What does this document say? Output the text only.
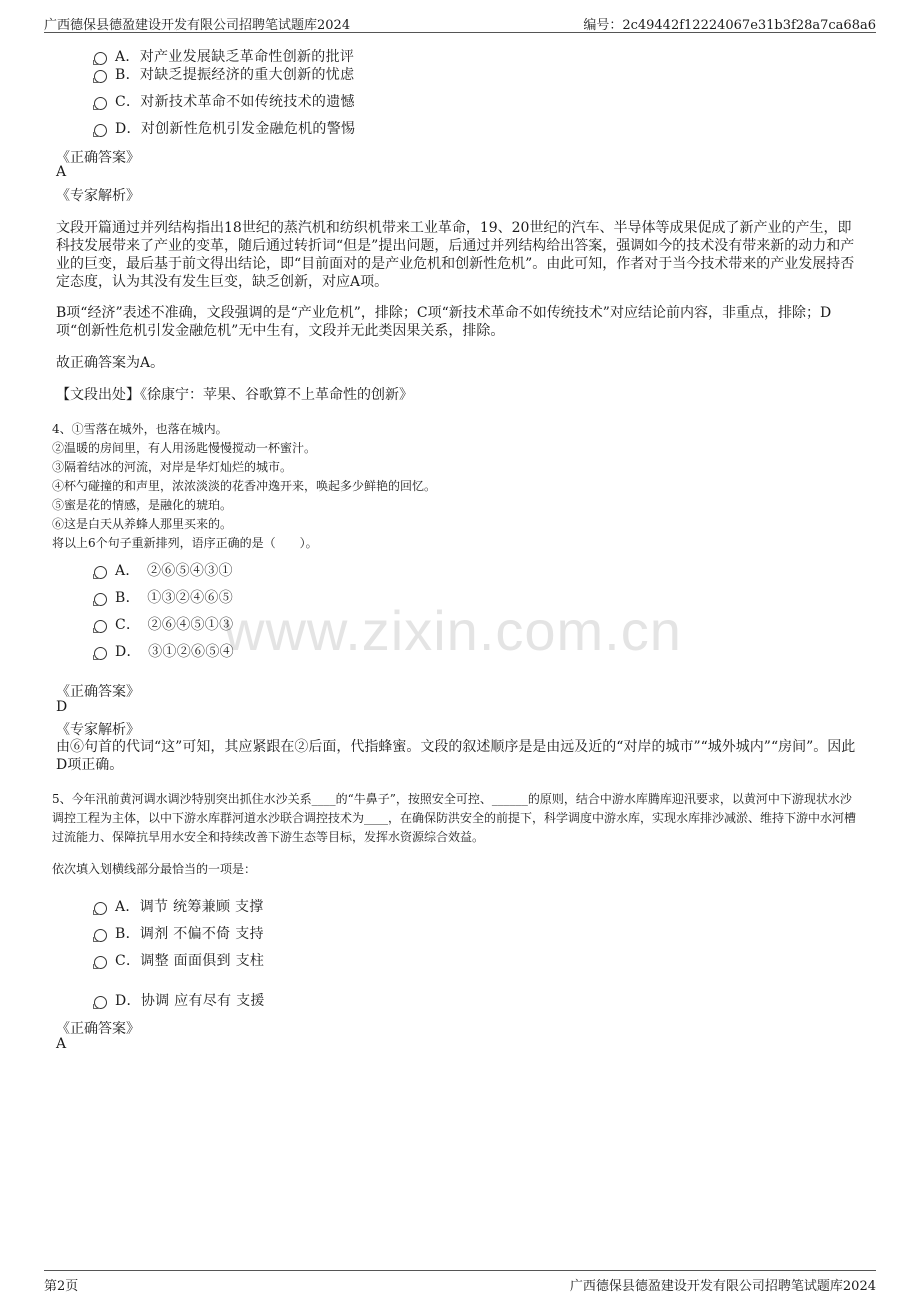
广西德保县德盈建设开发有限公司招聘笔试题库2024	编号：2c49442f12224067e31b3f28a7ca68a6
www.zixin.com.cn
A．对产业发展缺乏革命性创新的批评
B．对缺乏提振经济的重大创新的忧虑
C．对新技术革命不如传统技术的遗憾
D．对创新性危机引发金融危机的警惕
《正确答案》
A
《专家解析》
文段开篇通过并列结构指出18世纪的蒸汽机和纺织机带来工业革命，19、20世纪的汽车、半导体等成果促成了新产业的产生，即科技发展带来了产业的变革，随后通过转折词“但是”提出问题，后通过并列结构给出答案，强调如今的技术没有带来新的动力和产业的巨变，最后基于前文得出结论，即“目前面对的是产业危机和创新性危机”。由此可知，作者对于当今技术带来的产业发展持否定态度，认为其没有发生巨变，缺乏创新，对应A项。
B项“经济”表述不准确，文段强调的是“产业危机”，排除；C项“新技术革命不如传统技术”对应结论前内容，非重点，排除；D项“创新性危机引发金融危机”无中生有，文段并无此类因果关系，排除。
故正确答案为A。
【文段出处】《徐康宁：苹果、谷歌算不上革命性的创新》
4、①雪落在城外，也落在城内。
②温暖的房间里，有人用汤匙慢慢搅动一杯蜜汁。
③隔着结冰的河流，对岸是华灯灿烂的城市。
④杯勺碰撞的和声里，浓浓淡淡的花香冲逸开来，唤起多少鲜艳的回忆。
⑤蜜是花的情感，是融化的琥珀。
⑥这是白天从养蜂人那里买来的。
将以上6个句子重新排列，语序正确的是（　　）。
A．　②⑥⑤④③①
B．　①③②④⑥⑤
C．　②⑥④⑤①③
D．　③①②⑥⑤④
《正确答案》
D
《专家解析》
由⑥句首的代词“这”可知，其应紧跟在②后面，代指蜂蜜。文段的叙述顺序是是由远及近的“对岸的城市”“城外城内”“房间”。因此D项正确。
5、今年汛前黄河调水调沙特别突出抓住水沙关系____的“牛鼻子”，按照安全可控、______的原则，结合中游水库腾库迎汛要求，以黄河中下游现状水沙调控工程为主体，以中下游水库群河道水沙联合调控技术为____，在确保防洪安全的前提下，科学调度中游水库，实现水库排沙减淤、维持下游中水河槽过流能力、保障抗旱用水安全和持续改善下游生态等目标，发挥水资源综合效益。
依次填入划横线部分最恰当的一项是：
A．调节 统筹兼顾 支撑
B．调剂 不偏不倚 支持
C．调整 面面俱到 支柱
D．协调 应有尽有 支援
《正确答案》
A
第2页	广西德保县德盈建设开发有限公司招聘笔试题库2024
